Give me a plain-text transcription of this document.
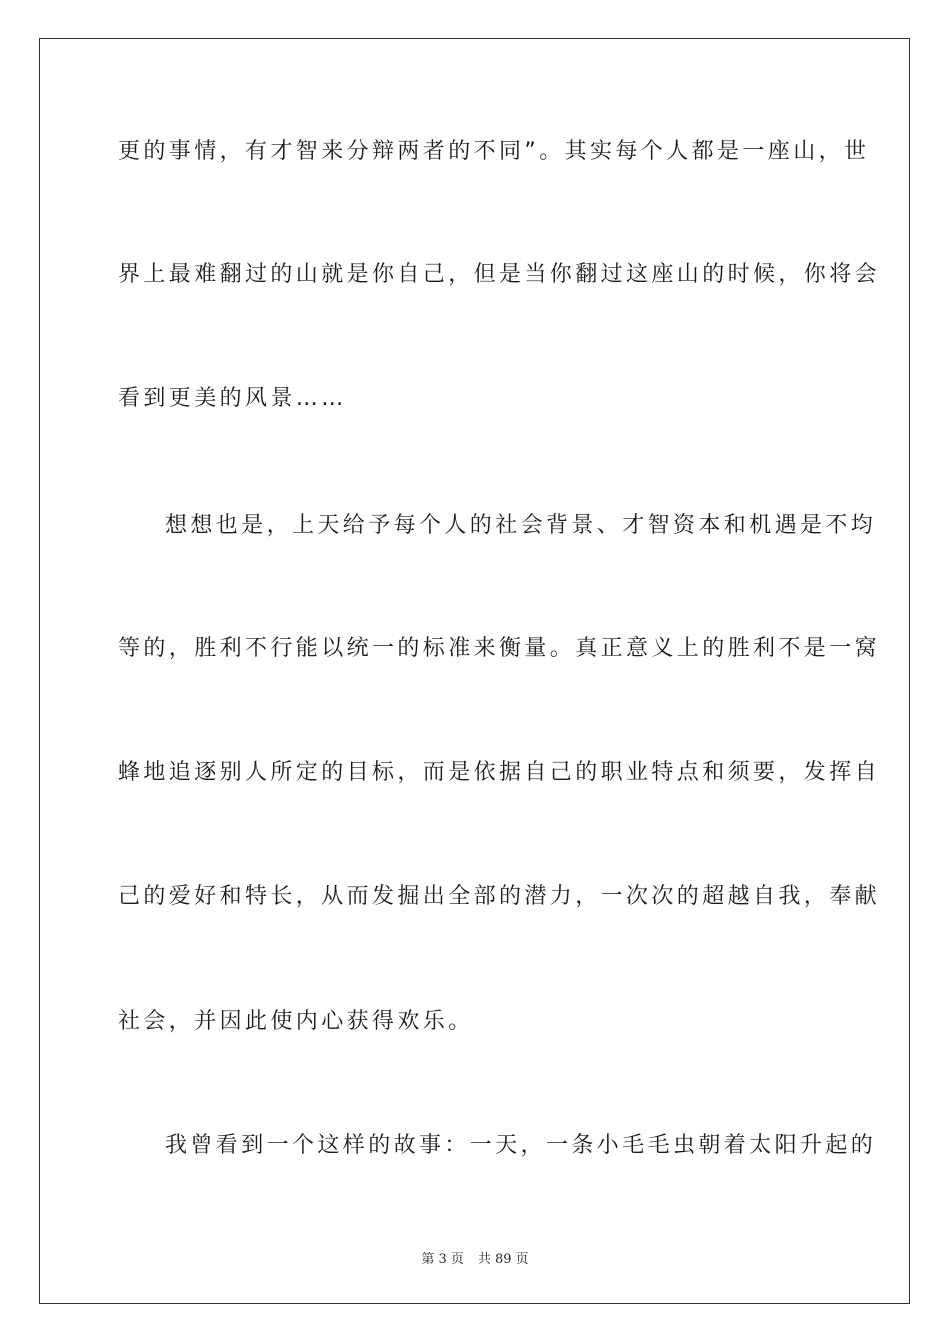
更的事情，有才智来分辩两者的不同”。其实每个人都是一座山，世
界上最难翻过的山就是你自己，但是当你翻过这座山的时候，你将会
看到更美的风景……
想想也是，上天给予每个人的社会背景、才智资本和机遇是不均
等的，胜利不行能以统一的标准来衡量。真正意义上的胜利不是一窝
蜂地追逐别人所定的目标，而是依据自己的职业特点和须要，发挥自
己的爱好和特长，从而发掘出全部的潜力，一次次的超越自我，奉献
社会，并因此使内心获得欢乐。
我曾看到一个这样的故事：一天，一条小毛毛虫朝着太阳升起的
第 3 页 共 89 页
